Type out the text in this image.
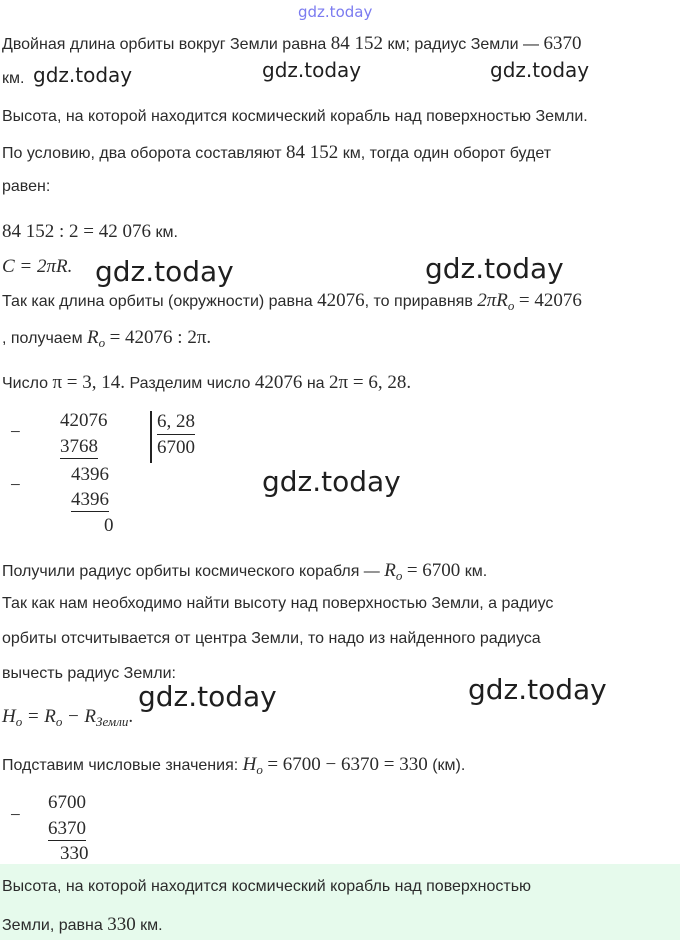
gdz.today
gdz.today	gdz.today	gdz.today
gdz.today	gdz.today
gdz.today
gdz.today	gdz.today
Двойная длина орбиты вокруг Земли равна 84 152 км; радиус Земли — 6370
км.
Высота, на которой находится космический корабль над поверхностью Земли.
По условию, два оборота составляют 84 152 км, тогда один оборот будет
равен:
84 152 : 2 = 42 076 км.
C = 2πR.
Так как длина орбиты (окружности) равна 42076, то приравняв $2\pi R_o = 42076$
, получаем $R_o = 42076$ : 2π.
Число π = 3, 14. Разделим число 42076 на 2π = 6, 28.
−
42076
3768
6, 28
6700
−
4396
4396
0
Получили радиус орбиты космического корабля — $R_o = 6700$ км.
Так как нам необходимо найти высоту над поверхностью Земли, а радиус
орбиты отсчитывается от центра Земли, то надо из найденного радиуса
вычесть радиус Земли:
$H_o = R_o - R_{Земли}$.
Подставим числовые значения: $H_o = 6700 - 6370 = 330$ (км).
−
6700
6370
330
Высота, на которой находится космический корабль над поверхностью
Земли, равна 330 км.
